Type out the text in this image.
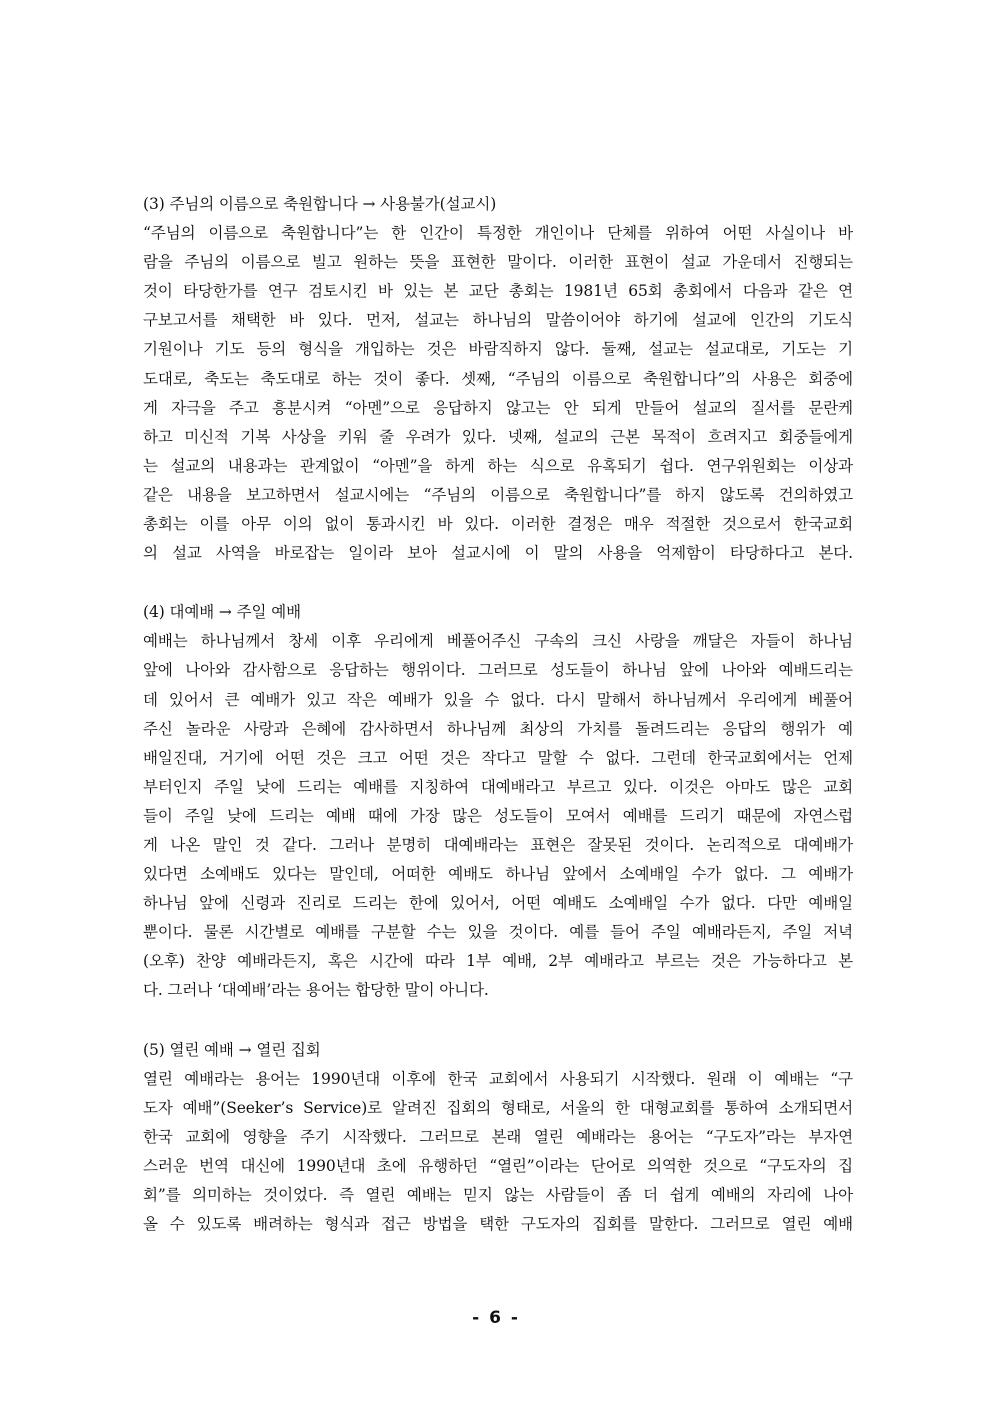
(3) 주님의 이름으로 축원합니다 → 사용불가(설교시)
“주님의 이름으로 축원합니다”는 한 인간이 특정한 개인이나 단체를 위하여 어떤 사실이나 바
람을 주님의 이름으로 빌고 원하는 뜻을 표현한 말이다. 이러한 표현이 설교 가운데서 진행되는
것이 타당한가를 연구 검토시킨 바 있는 본 교단 총회는 1981년 65회 총회에서 다음과 같은 연
구보고서를 채택한 바 있다. 먼저, 설교는 하나님의 말씀이어야 하기에 설교에 인간의 기도식
기원이나 기도 등의 형식을 개입하는 것은 바람직하지 않다. 둘째, 설교는 설교대로, 기도는 기
도대로, 축도는 축도대로 하는 것이 좋다. 셋째, “주님의 이름으로 축원합니다”의 사용은 회중에
게 자극을 주고 흥분시켜 “아멘”으로 응답하지 않고는 안 되게 만들어 설교의 질서를 문란케
하고 미신적 기복 사상을 키워 줄 우려가 있다. 넷째, 설교의 근본 목적이 흐려지고 회중들에게
는 설교의 내용과는 관계없이 “아멘”을 하게 하는 식으로 유혹되기 쉽다. 연구위원회는 이상과
같은 내용을 보고하면서 설교시에는 “주님의 이름으로 축원합니다”를 하지 않도록 건의하였고
총회는 이를 아무 이의 없이 통과시킨 바 있다. 이러한 결정은 매우 적절한 것으로서 한국교회
의 설교 사역을 바로잡는 일이라 보아 설교시에 이 말의 사용을 억제함이 타당하다고 본다.
(4) 대예배 → 주일 예배
예배는 하나님께서 창세 이후 우리에게 베풀어주신 구속의 크신 사랑을 깨달은 자들이 하나님
앞에 나아와 감사함으로 응답하는 행위이다. 그러므로 성도들이 하나님 앞에 나아와 예배드리는
데 있어서 큰 예배가 있고 작은 예배가 있을 수 없다. 다시 말해서 하나님께서 우리에게 베풀어
주신 놀라운 사랑과 은혜에 감사하면서 하나님께 최상의 가치를 돌려드리는 응답의 행위가 예
배일진대, 거기에 어떤 것은 크고 어떤 것은 작다고 말할 수 없다. 그런데 한국교회에서는 언제
부터인지 주일 낮에 드리는 예배를 지칭하여 대예배라고 부르고 있다. 이것은 아마도 많은 교회
들이 주일 낮에 드리는 예배 때에 가장 많은 성도들이 모여서 예배를 드리기 때문에 자연스럽
게 나온 말인 것 같다. 그러나 분명히 대예배라는 표현은 잘못된 것이다. 논리적으로 대예배가
있다면 소예배도 있다는 말인데, 어떠한 예배도 하나님 앞에서 소예배일 수가 없다. 그 예배가
하나님 앞에 신령과 진리로 드리는 한에 있어서, 어떤 예배도 소예배일 수가 없다. 다만 예배일
뿐이다. 물론 시간별로 예배를 구분할 수는 있을 것이다. 예를 들어 주일 예배라든지, 주일 저녁
(오후) 찬양 예배라든지, 혹은 시간에 따라 1부 예배, 2부 예배라고 부르는 것은 가능하다고 본
다. 그러나 ‘대예배’라는 용어는 합당한 말이 아니다.
(5) 열린 예배 → 열린 집회
열린 예배라는 용어는 1990년대 이후에 한국 교회에서 사용되기 시작했다. 원래 이 예배는 “구
도자 예배”(Seeker’s Service)로 알려진 집회의 형태로, 서울의 한 대형교회를 통하여 소개되면서
한국 교회에 영향을 주기 시작했다. 그러므로 본래 열린 예배라는 용어는 “구도자”라는 부자연
스러운 번역 대신에 1990년대 초에 유행하던 “열린”이라는 단어로 의역한 것으로 “구도자의 집
회”를 의미하는 것이었다. 즉 열린 예배는 믿지 않는 사람들이 좀 더 쉽게 예배의 자리에 나아
올 수 있도록 배려하는 형식과 접근 방법을 택한 구도자의 집회를 말한다. 그러므로 열린 예배
- 6 -
